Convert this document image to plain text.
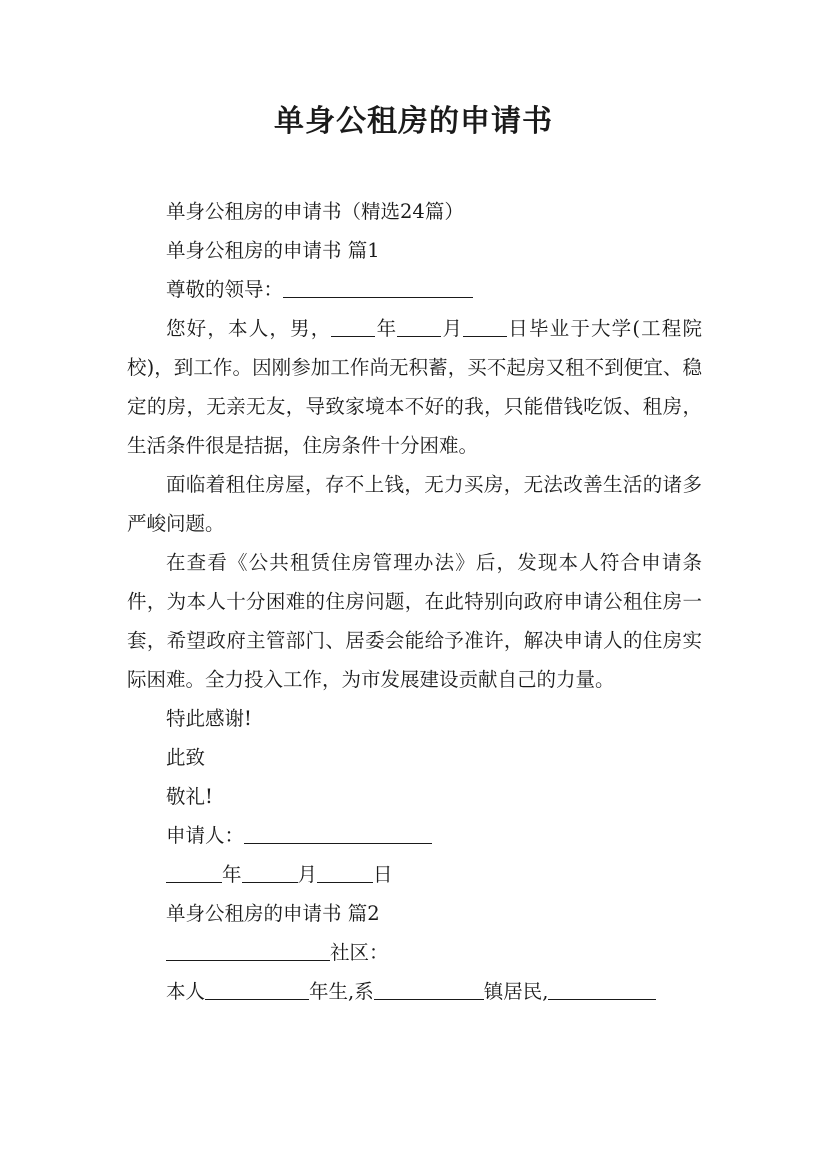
单身公租房的申请书

单身公租房的申请书（精选24篇）

单身公租房的申请书 篇1

尊敬的领导：

您好，本人，男， 年 月 日毕业于大学(工程院校)，到工作。因刚参加工作尚无积蓄，买不起房又租不到便宜、稳定的房，无亲无友，导致家境本不好的我，只能借钱吃饭、租房，生活条件很是拮据，住房条件十分困难。

面临着租住房屋，存不上钱，无力买房，无法改善生活的诸多严峻问题。

在查看《公共租赁住房管理办法》后，发现本人符合申请条件，为本人十分困难的住房问题，在此特别向政府申请公租住房一套，希望政府主管部门、居委会能给予准许，解决申请人的住房实际困难。全力投入工作，为市发展建设贡献自己的力量。

特此感谢!

此致

敬礼!

申请人：

年	月	日

单身公租房的申请书 篇2

社区：

本人	年生,系	镇居民,
